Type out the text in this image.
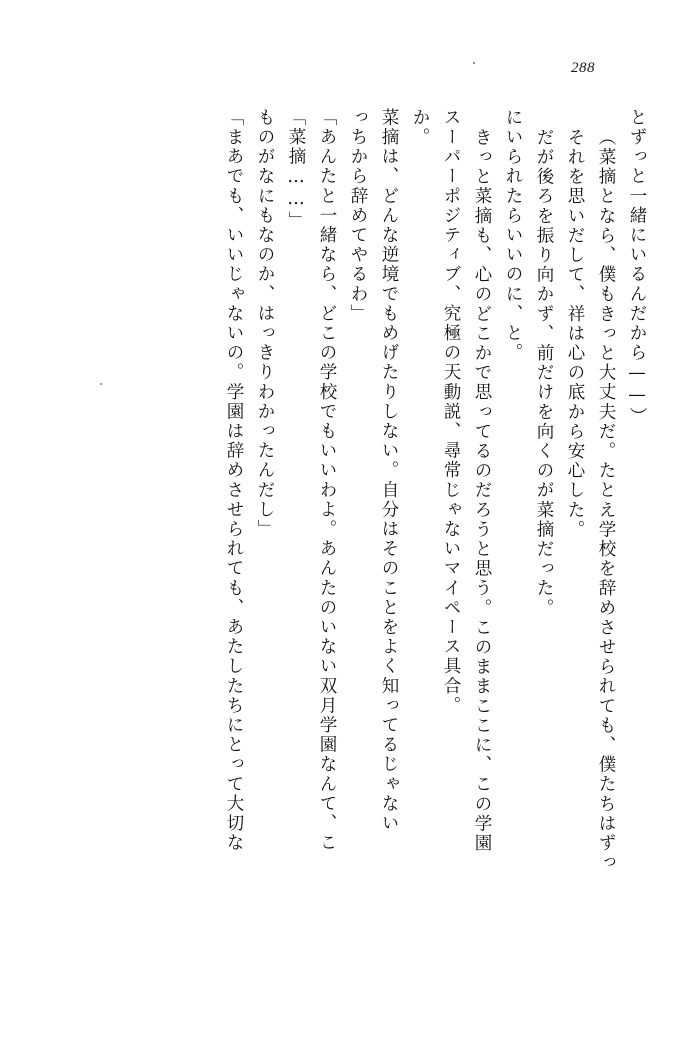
288
「まあでも、いいじゃないの。学園は辞めさせられても、あたしたちにとって大切な ものがなにもなのか、はっきりわかったんだし」 「菜摘……」 「あんたと一緒なら、どこの学校でもいいわよ。あんたのいない双月学園なんて、こ っちから辞めてやるわ」 菜摘は、どんな逆境でもめげたりしない。自分はそのことをよく知ってるじゃない か。 スーパーポジティブ、究極の天動説、尋常じゃないマイペース具合。 きっと菜摘も、心のどこかで思ってるのだろうと思う。このままここに、この学園 にいられたらいいのに、と。 だが後ろを振り向かず、前だけを向くのが菜摘だった。 それを思いだして、祥は心の底から安心した。 （菜摘となら、僕もきっと大丈夫だ。たとえ学校を辞めさせられても、僕たちはずっ とずっと一緒にいるんだから——）
